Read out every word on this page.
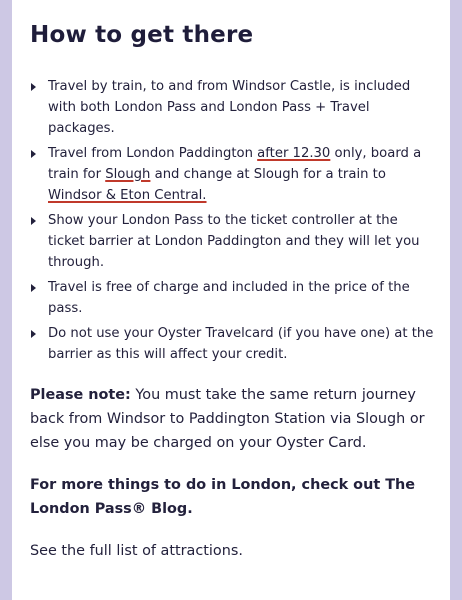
How to get there
Travel by train, to and from Windsor Castle, is included with both London Pass and London Pass + Travel packages.
Travel from London Paddington after 12.30 only, board a train for Slough and change at Slough for a train to Windsor & Eton Central.
Show your London Pass to the ticket controller at the ticket barrier at London Paddington and they will let you through.
Travel is free of charge and included in the price of the pass.
Do not use your Oyster Travelcard (if you have one) at the barrier as this will affect your credit.

Please note: You must take the same return journey back from Windsor to Paddington Station via Slough or else you may be charged on your Oyster Card.

For more things to do in London, check out The London Pass® Blog.

See the full list of attractions.
